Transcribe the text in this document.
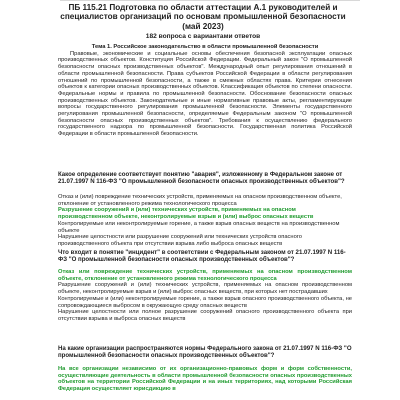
ПБ 115.21 Подготовка по области аттестации А.1 руководителей и
специалистов организаций по основам промышленной безопасности
(май 2023)
182 вопроса с вариантами ответов
Тема 1. Российское законодательство в области промышленной безопасности

Правовые, экономические и социальные основы обеспечения безопасной эксплуатации опасных производственных объектов. Конституция Российской Федерации. Федеральный закон "О промышленной безопасности опасных производственных объектов". Международный опыт регулирования отношений в области промышленной безопасности. Права субъектов Российской Федерации в области регулирования отношений по промышленной безопасности, а также в смежных областях права. Критерии отнесения объектов к категории опасных производственных объектов. Классификация объектов по степени опасности. Федеральные нормы и правила по промышленной безопасности. Обоснование безопасности опасных производственных объектов. Законодательные и иные нормативные правовые акты, регламентирующие вопросы государственного регулирования промышленной безопасности. Элементы государственного регулирования промышленной безопасности, определяемые Федеральным законом "О промышленной безопасности опасных производственных объектов". Требования к осуществлению федерального государственного надзора по промышленной безопасности. Государственная политика Российской Федерации в области промышленной безопасности.

Какое определение соответствует понятию "авария", изложенному в Федеральном законе от 21.07.1997 N 116-ФЗ "О промышленной безопасности опасных производственных объектов"?
Отказ и (или) повреждение технических устройств, применяемых на опасном производственном объекте, отклонение от установленного режима технологического процесса
Разрушение сооружений и (или) технических устройств, применяемых на опасном производственном объекте, неконтролируемые взрыв и (или) выброс опасных веществ
Контролируемые или неконтролируемые горение, а также взрыв опасных веществ на производственном объекте
Нарушение целостности или разрушение сооружений или технических устройств опасного производственного объекта при отсутствии взрыва либо выброса опасных веществ
Что входит в понятие "инцидент" в соответствии с Федеральным законом от 21.07.1997 N 116-ФЗ "О промышленной безопасности опасных производственных объектов"?
Отказ или повреждение технических устройств, применяемых на опасном производственном объекте, отклонение от установленного режима технологического процесса
Разрушение сооружений и (или) технических устройств, применяемых на опасном производственном объекте, неконтролируемые взрыв и (или) выброс опасных веществ, при которых нет пострадавших
Контролируемые и (или) неконтролируемые горение, а также взрыв опасного производственного объекта, не сопровождающиеся выбросом в окружающую среду опасных веществ
Нарушение целостности или полное разрушение сооружений опасного производственного объекта при отсутствии взрыва и выброса опасных веществ
На какие организации распространяются нормы Федерального закона от 21.07.1997 N 116-ФЗ "О промышленной безопасности опасных производственных объектов"?
На все организации независимо от их организационно-правовых форм и форм собственности, осуществляющие деятельность в области промышленной безопасности опасных производственных объектов на территории Российской Федерации и на иных территориях, над которыми Российская Федерация осуществляет юрисдикцию в
